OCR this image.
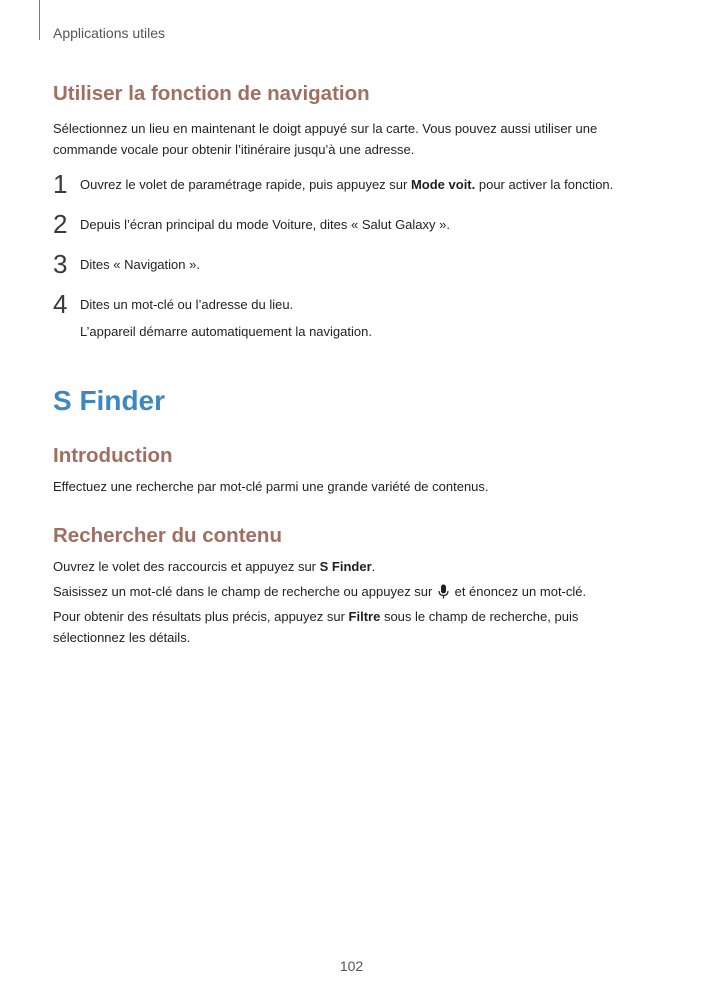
Applications utiles
Utiliser la fonction de navigation

Sélectionnez un lieu en maintenant le doigt appuyé sur la carte. Vous pouvez aussi utiliser une commande vocale pour obtenir l’itinéraire jusqu’à une adresse.

1 Ouvrez le volet de paramétrage rapide, puis appuyez sur Mode voit. pour activer la fonction.
2 Depuis l’écran principal du mode Voiture, dites « Salut Galaxy ».
3 Dites « Navigation ».
4 Dites un mot-clé ou l’adresse du lieu.
L’appareil démarre automatiquement la navigation.
S Finder
Introduction

Effectuez une recherche par mot-clé parmi une grande variété de contenus.

Rechercher du contenu

Ouvrez le volet des raccourcis et appuyez sur S Finder.

Saisissez un mot-clé dans le champ de recherche ou appuyez sur  et énoncez un mot-clé.

Pour obtenir des résultats plus précis, appuyez sur Filtre sous le champ de recherche, puis sélectionnez les détails.

102
